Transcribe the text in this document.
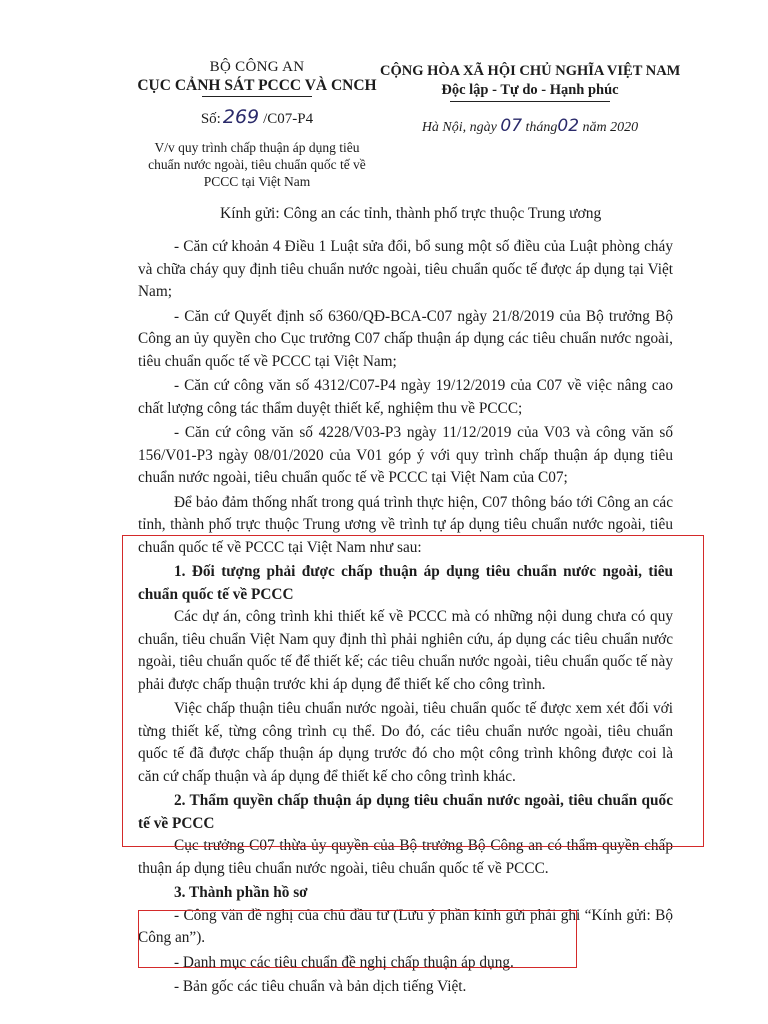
BỘ CÔNG AN
CỤC CẢNH SÁT PCCC VÀ CNCH
Số: 269 /C07-P4
V/v quy trình chấp thuận áp dụng tiêu chuẩn nước ngoài, tiêu chuẩn quốc tế về PCCC tại Việt Nam
CỘNG HÒA XÃ HỘI CHỦ NGHĨA VIỆT NAM
Độc lập - Tự do - Hạnh phúc
Hà Nội, ngày 07 tháng02 năm 2020
Kính gửi: Công an các tỉnh, thành phố trực thuộc Trung ương

- Căn cứ khoản 4 Điều 1 Luật sửa đổi, bổ sung một số điều của Luật phòng cháy và chữa cháy quy định tiêu chuẩn nước ngoài, tiêu chuẩn quốc tế được áp dụng tại Việt Nam;

- Căn cứ Quyết định số 6360/QĐ-BCA-C07 ngày 21/8/2019 của Bộ trưởng Bộ Công an ủy quyền cho Cục trưởng C07 chấp thuận áp dụng các tiêu chuẩn nước ngoài, tiêu chuẩn quốc tế về PCCC tại Việt Nam;

- Căn cứ công văn số 4312/C07-P4 ngày 19/12/2019 của C07 về việc nâng cao chất lượng công tác thẩm duyệt thiết kế, nghiệm thu về PCCC;

- Căn cứ công văn số 4228/V03-P3 ngày 11/12/2019 của V03 và công văn số 156/V01-P3 ngày 08/01/2020 của V01 góp ý với quy trình chấp thuận áp dụng tiêu chuẩn nước ngoài, tiêu chuẩn quốc tế về PCCC tại Việt Nam của C07;

Để bảo đảm thống nhất trong quá trình thực hiện, C07 thông báo tới Công an các tỉnh, thành phố trực thuộc Trung ương về trình tự áp dụng tiêu chuẩn nước ngoài, tiêu chuẩn quốc tế về PCCC tại Việt Nam như sau:

1. Đối tượng phải được chấp thuận áp dụng tiêu chuẩn nước ngoài, tiêu chuẩn quốc tế về PCCC

Các dự án, công trình khi thiết kế về PCCC mà có những nội dung chưa có quy chuẩn, tiêu chuẩn Việt Nam quy định thì phải nghiên cứu, áp dụng các tiêu chuẩn nước ngoài, tiêu chuẩn quốc tế để thiết kế; các tiêu chuẩn nước ngoài, tiêu chuẩn quốc tế này phải được chấp thuận trước khi áp dụng để thiết kế cho công trình.

Việc chấp thuận tiêu chuẩn nước ngoài, tiêu chuẩn quốc tế được xem xét đối với từng thiết kế, từng công trình cụ thể. Do đó, các tiêu chuẩn nước ngoài, tiêu chuẩn quốc tế đã được chấp thuận áp dụng trước đó cho một công trình không được coi là căn cứ chấp thuận và áp dụng để thiết kế cho công trình khác.

2. Thẩm quyền chấp thuận áp dụng tiêu chuẩn nước ngoài, tiêu chuẩn quốc tế về PCCC

Cục trưởng C07 thừa ủy quyền của Bộ trưởng Bộ Công an có thẩm quyền chấp thuận áp dụng tiêu chuẩn nước ngoài, tiêu chuẩn quốc tế về PCCC.

3. Thành phần hồ sơ

- Công văn đề nghị của chủ đầu tư (Lưu ý phần kính gửi phải ghi “Kính gửi: Bộ Công an”).

- Danh mục các tiêu chuẩn đề nghị chấp thuận áp dụng.

- Bản gốc các tiêu chuẩn và bản dịch tiếng Việt.
